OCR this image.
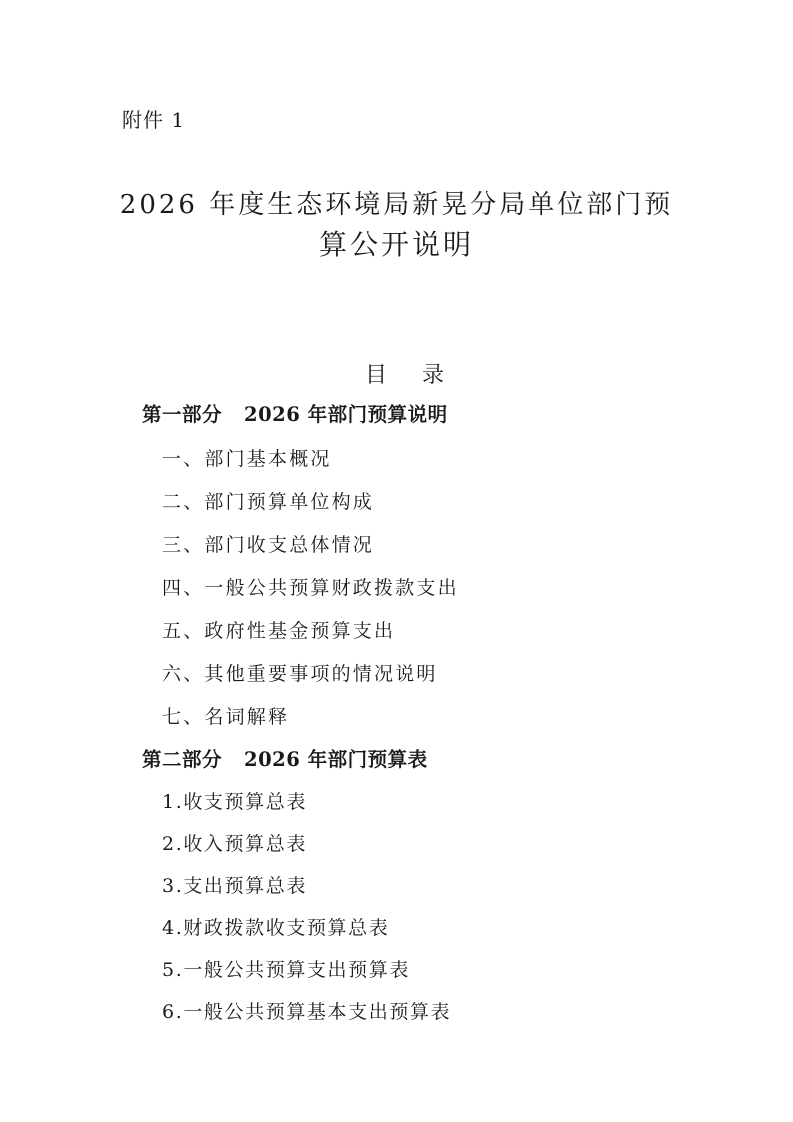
附件 1
2026 年度生态环境局新晃分局单位部门预
算公开说明
目 录
第一部分 2026 年部门预算说明
一、部门基本概况
二、部门预算单位构成
三、部门收支总体情况
四、一般公共预算财政拨款支出
五、政府性基金预算支出
六、其他重要事项的情况说明
七、名词解释
第二部分 2026 年部门预算表
1.收支预算总表
2.收入预算总表
3.支出预算总表
4.财政拨款收支预算总表
5.一般公共预算支出预算表
6.一般公共预算基本支出预算表
